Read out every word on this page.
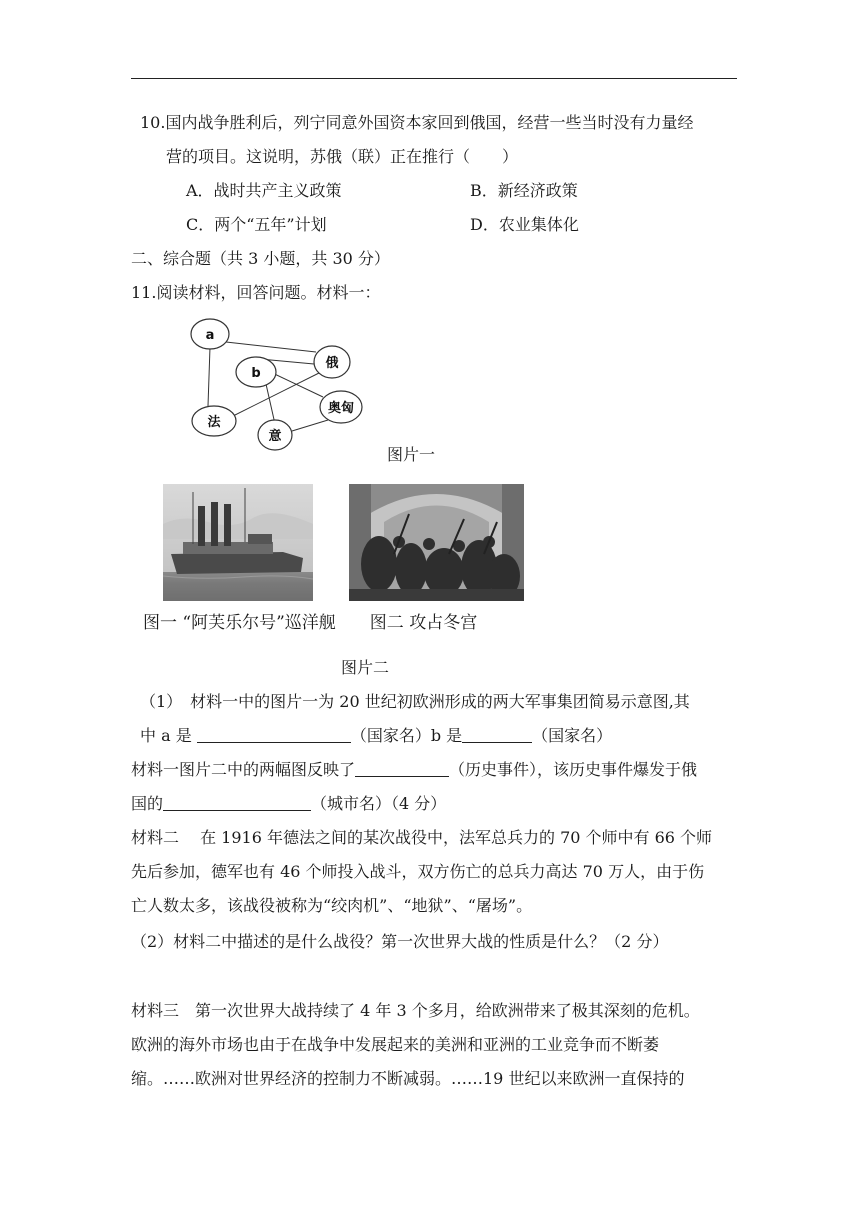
10.国内战争胜利后，列宁同意外国资本家回到俄国，经营一些当时没有力量经
营的项目。这说明，苏俄（联）正在推行（　　）
A．战时共产主义政策	B．新经济政策
C．两个“五年”计划	D．农业集体化
二、综合题（共 3 小题，共 30 分）
11.阅读材料，回答问题。材料一：
a
俄
b
奥匈
法
意
图片一
图一 “阿芙乐尔号”巡洋舰　　图二 攻占冬宫
图片二
（1）　材料一中的图片一为 20 世纪初欧洲形成的两大军事集团简易示意图,其
中 a 是	（国家名）b 是	（国家名）
材料一图片二中的两幅图反映了	（历史事件），该历史事件爆发于俄
国的	（城市名）（4 分）
材料二　 在 1916 年德法之间的某次战役中，法军总兵力的 70 个师中有 66 个师
先后参加，德军也有 46 个师投入战斗，双方伤亡的总兵力高达 70 万人，由于伤
亡人数太多，该战役被称为“绞肉机”、“地狱”、“屠场”。
（2）材料二中描述的是什么战役？第一次世界大战的性质是什么？（2 分）
材料三　第一次世界大战持续了 4 年 3 个多月，给欧洲带来了极其深刻的危机。
欧洲的海外市场也由于在战争中发展起来的美洲和亚洲的工业竞争而不断萎
缩。……欧洲对世界经济的控制力不断减弱。……19 世纪以来欧洲一直保持的
